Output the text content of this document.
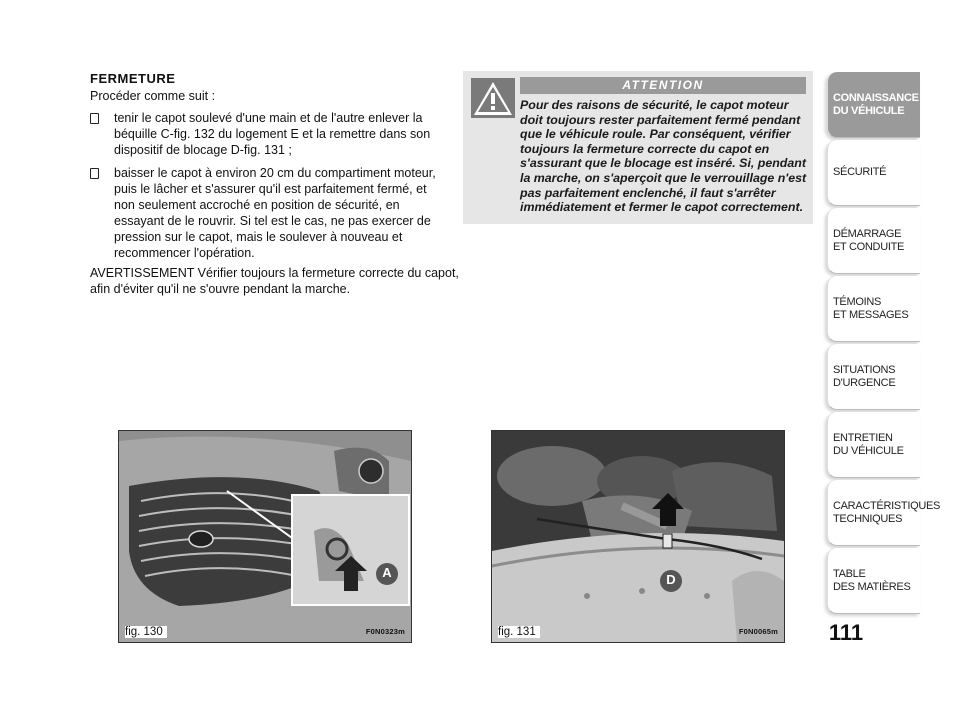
FERMETURE
Procéder comme suit :
tenir le capot soulevé d'une main et de l'autre enlever la béquille C-fig. 132 du logement E et la remettre dans son dispositif de blocage D-fig. 131 ;
baisser le capot à environ 20 cm du compartiment moteur, puis le lâcher et s'assurer qu'il est parfaitement fermé, et non seulement accroché en position de sécurité, en essayant de le rouvrir. Si tel est le cas, ne pas exercer de pression sur le capot, mais le soulever à nouveau et recommencer l'opération.
AVERTISSEMENT Vérifier toujours la fermeture correcte du capot, afin d'éviter qu'il ne s'ouvre pendant la marche.
ATTENTION
Pour des raisons de sécurité, le capot moteur doit toujours rester parfaitement fermé pendant que le véhicule roule. Par conséquent, vérifier toujours la fermeture correcte du capot en s'assurant que le blocage est inséré. Si, pendant la marche, on s'aperçoit que le verrouillage n'est pas parfaitement enclenché, il faut s'arrêter immédiatement et fermer le capot correctement.
CONNAISSANCE
DU VÉHICULE
SÉCURITÉ
DÉMARRAGE
ET CONDUITE
TÉMOINS
ET MESSAGES
SITUATIONS
D'URGENCE
ENTRETIEN
DU VÉHICULE
CARACTÉRISTIQUES
TECHNIQUES
TABLE
DES MATIÈRES
111
A
fig. 130	F0N0323m
D
fig. 131	F0N0065m
